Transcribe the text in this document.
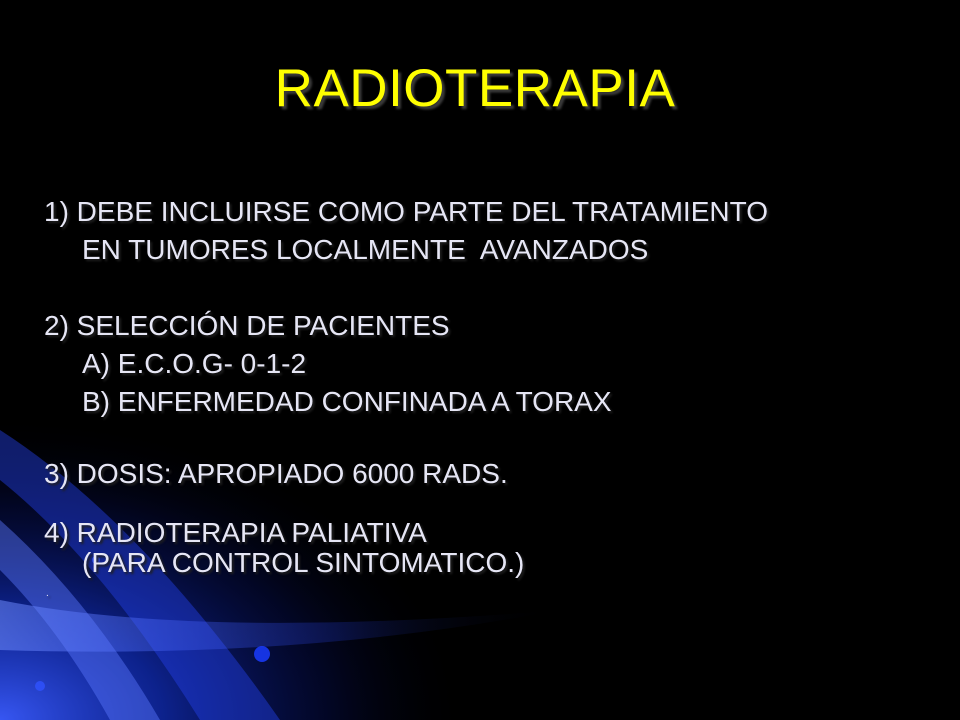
RADIOTERAPIA
1) DEBE INCLUIRSE COMO PARTE DEL TRATAMIENTO
EN TUMORES LOCALMENTE  AVANZADOS
2) SELECCIÓN DE PACIENTES
A) E.C.O.G- 0-1-2
B) ENFERMEDAD CONFINADA A TORAX
3) DOSIS: APROPIADO 6000 RADS.
4) RADIOTERAPIA PALIATIVA
(PARA CONTROL SINTOMATICO.)
.
